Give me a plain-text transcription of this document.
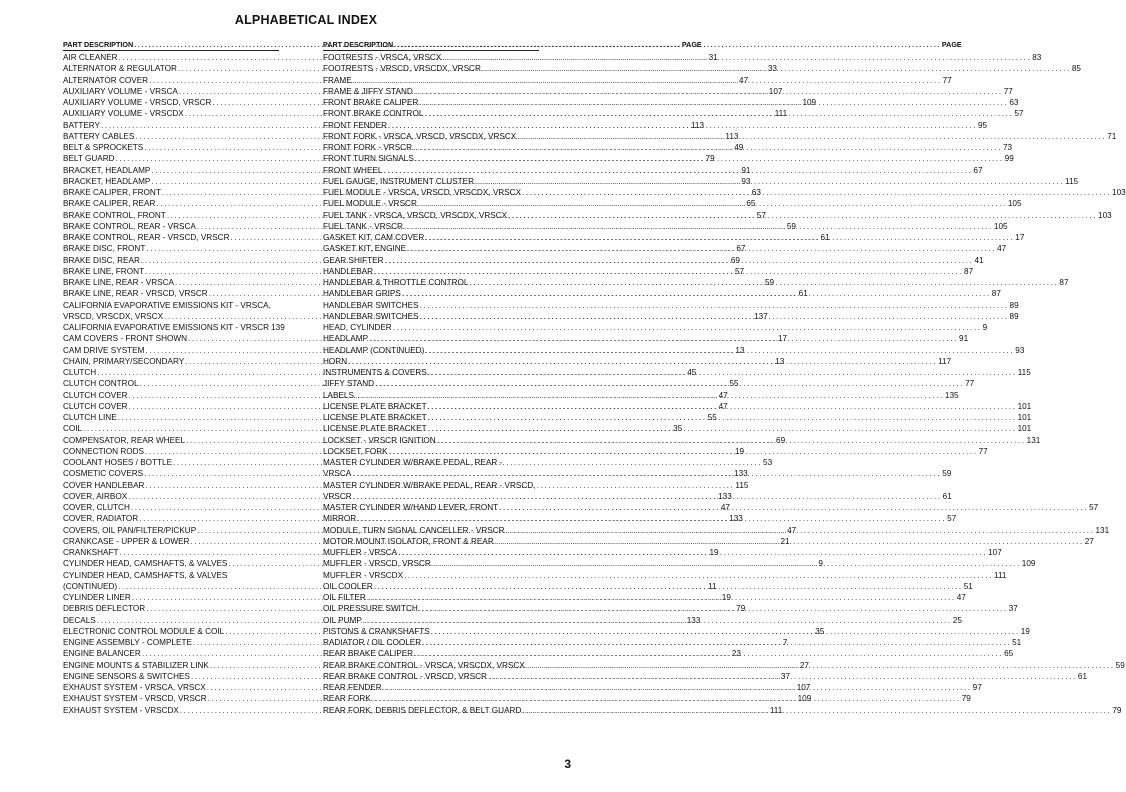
ALPHABETICAL INDEX
PART DESCRIPTION .....	PAGE
AIR CLEANER .....	31
ALTERNATOR & REGULATOR .....	33
ALTERNATOR COVER .....	47
AUXILIARY VOLUME - VRSCA .....	107
AUXILIARY VOLUME - VRSCD, VRSCR .....	109
AUXILIARY VOLUME - VRSCDX .....	111
BATTERY .....	113
BATTERY CABLES .....	113
BELT & SPROCKETS .....	49
BELT GUARD .....	79
BRACKET, HEADLAMP .....	91
BRACKET, HEADLAMP .....	93
BRAKE CALIPER, FRONT .....	63
BRAKE CALIPER, REAR .....	65
BRAKE CONTROL, FRONT .....	57
BRAKE CONTROL, REAR - VRSCA .....	59
BRAKE CONTROL, REAR - VRSCD, VRSCR .....	61
BRAKE DISC, FRONT .....	67
BRAKE DISC, REAR .....	69
BRAKE LINE, FRONT .....	57
BRAKE LINE, REAR - VRSCA .....	59
BRAKE LINE, REAR - VRSCD, VRSCR .....	61
CALIFORNIA EVAPORATIVE EMISSIONS KIT - VRSCA,
VRSCD, VRSCDX, VRSCX .....	137
CALIFORNIA EVAPORATIVE EMISSIONS KIT - VRSCR 139
CAM COVERS - FRONT SHOWN .....	17
CAM DRIVE SYSTEM .....	13
CHAIN, PRIMARY/SECONDARY .....	13
CLUTCH .....	45
CLUTCH CONTROL .....	55
CLUTCH COVER .....	47
CLUTCH COVER .....	47
CLUTCH LINE .....	55
COIL .....	35
COMPENSATOR, REAR WHEEL .....	69
CONNECTION RODS .....	19
COOLANT HOSES / BOTTLE .....	53
COSMETIC COVERS .....	133
COVER HANDLEBAR .....	115
COVER, AIRBOX .....	133
COVER, CLUTCH .....	47
COVER, RADIATOR .....	133
COVERS, OIL PAN/FILTER/PICKUP .....	47
CRANKCASE - UPPER & LOWER .....	21
CRANKSHAFT .....	19
CYLINDER HEAD, CAMSHAFTS, & VALVES .....	9
CYLINDER HEAD, CAMSHAFTS, & VALVES
(CONTINUED) .....	11
CYLINDER LINER .....	19
DEBRIS DEFLECTOR .....	79
DECALS .....	133
ELECTRONIC CONTROL MODULE & COIL .....	35
ENGINE ASSEMBLY - COMPLETE .....	7
ENGINE BALANCER .....	23
ENGINE MOUNTS & STABILIZER LINK .....	27
ENGINE SENSORS & SWITCHES .....	37
EXHAUST SYSTEM - VRSCA, VRSCX .....	107
EXHAUST SYSTEM - VRSCD, VRSCR .....	109
EXHAUST SYSTEM - VRSCDX .....	111
PART DESCRIPTION .....	PAGE
FOOTRESTS - VRSCA, VRSCX .....	83
FOOTRESTS - VRSCD, VRSCDX, VRSCR .....	85
FRAME .....	77
FRAME & JIFFY STAND .....	77
FRONT BRAKE CALIPER .....	63
FRONT BRAKE CONTROL .....	57
FRONT FENDER .....	95
FRONT FORK - VRSCA, VRSCD, VRSCDX, VRSCX .....	71
FRONT FORK - VRSCR .....	73
FRONT TURN SIGNALS .....	99
FRONT WHEEL .....	67
FUEL GAUGE, INSTRUMENT CLUSTER .....	115
FUEL MODULE - VRSCA, VRSCD, VRSCDX, VRSCX .....	103
FUEL MODULE - VRSCR .....	105
FUEL TANK - VRSCA, VRSCD, VRSCDX, VRSCX .....	103
FUEL TANK - VRSCR .....	105
GASKET KIT, CAM COVER .....	17
GASKET KIT, ENGINE .....	47
GEAR SHIFTER .....	41
HANDLEBAR .....	87
HANDLEBAR & THROTTLE CONTROL .....	87
HANDLEBAR GRIPS .....	87
HANDLEBAR SWITCHES .....	89
HANDLEBAR SWITCHES .....	89
HEAD, CYLINDER .....	9
HEADLAMP .....	91
HEADLAMP (CONTINUED) .....	93
HORN .....	117
INSTRUMENTS & COVERS .....	115
JIFFY STAND .....	77
LABELS .....	135
LICENSE PLATE BRACKET .....	101
LICENSE PLATE BRACKET .....	101
LICENSE PLATE BRACKET .....	101
LOCKSET - VRSCR IGNITION .....	131
LOCKSET, FORK .....	77
MASTER CYLINDER W/BRAKE PEDAL, REAR -
VRSCA .....	59
MASTER CYLINDER W/BRAKE PEDAL, REAR - VRSCD,
VRSCR .....	61
MASTER CYLINDER W/HAND LEVER, FRONT .....	57
MIRROR .....	57
MODULE, TURN SIGNAL CANCELLER - VRSCR .....	131
MOTOR MOUNT ISOLATOR, FRONT & REAR .....	27
MUFFLER - VRSCA .....	107
MUFFLER - VRSCD, VRSCR .....	109
MUFFLER - VRSCDX .....	111
OIL COOLER .....	51
OIL FILTER .....	47
OIL PRESSURE SWITCH .....	37
OIL PUMP .....	25
PISTONS & CRANKSHAFTS .....	19
RADIATOR / OIL COOLER .....	51
REAR BRAKE CALIPER .....	65
REAR BRAKE CONTROL - VRSCA, VRSCDX, VRSCX .....	59
REAR BRAKE CONTROL - VRSCD, VRSCR .....	61
REAR FENDER .....	97
REAR FORK .....	79
REAR FORK, DEBRIS DEFLECTOR, & BELT GUARD .....	79
3
